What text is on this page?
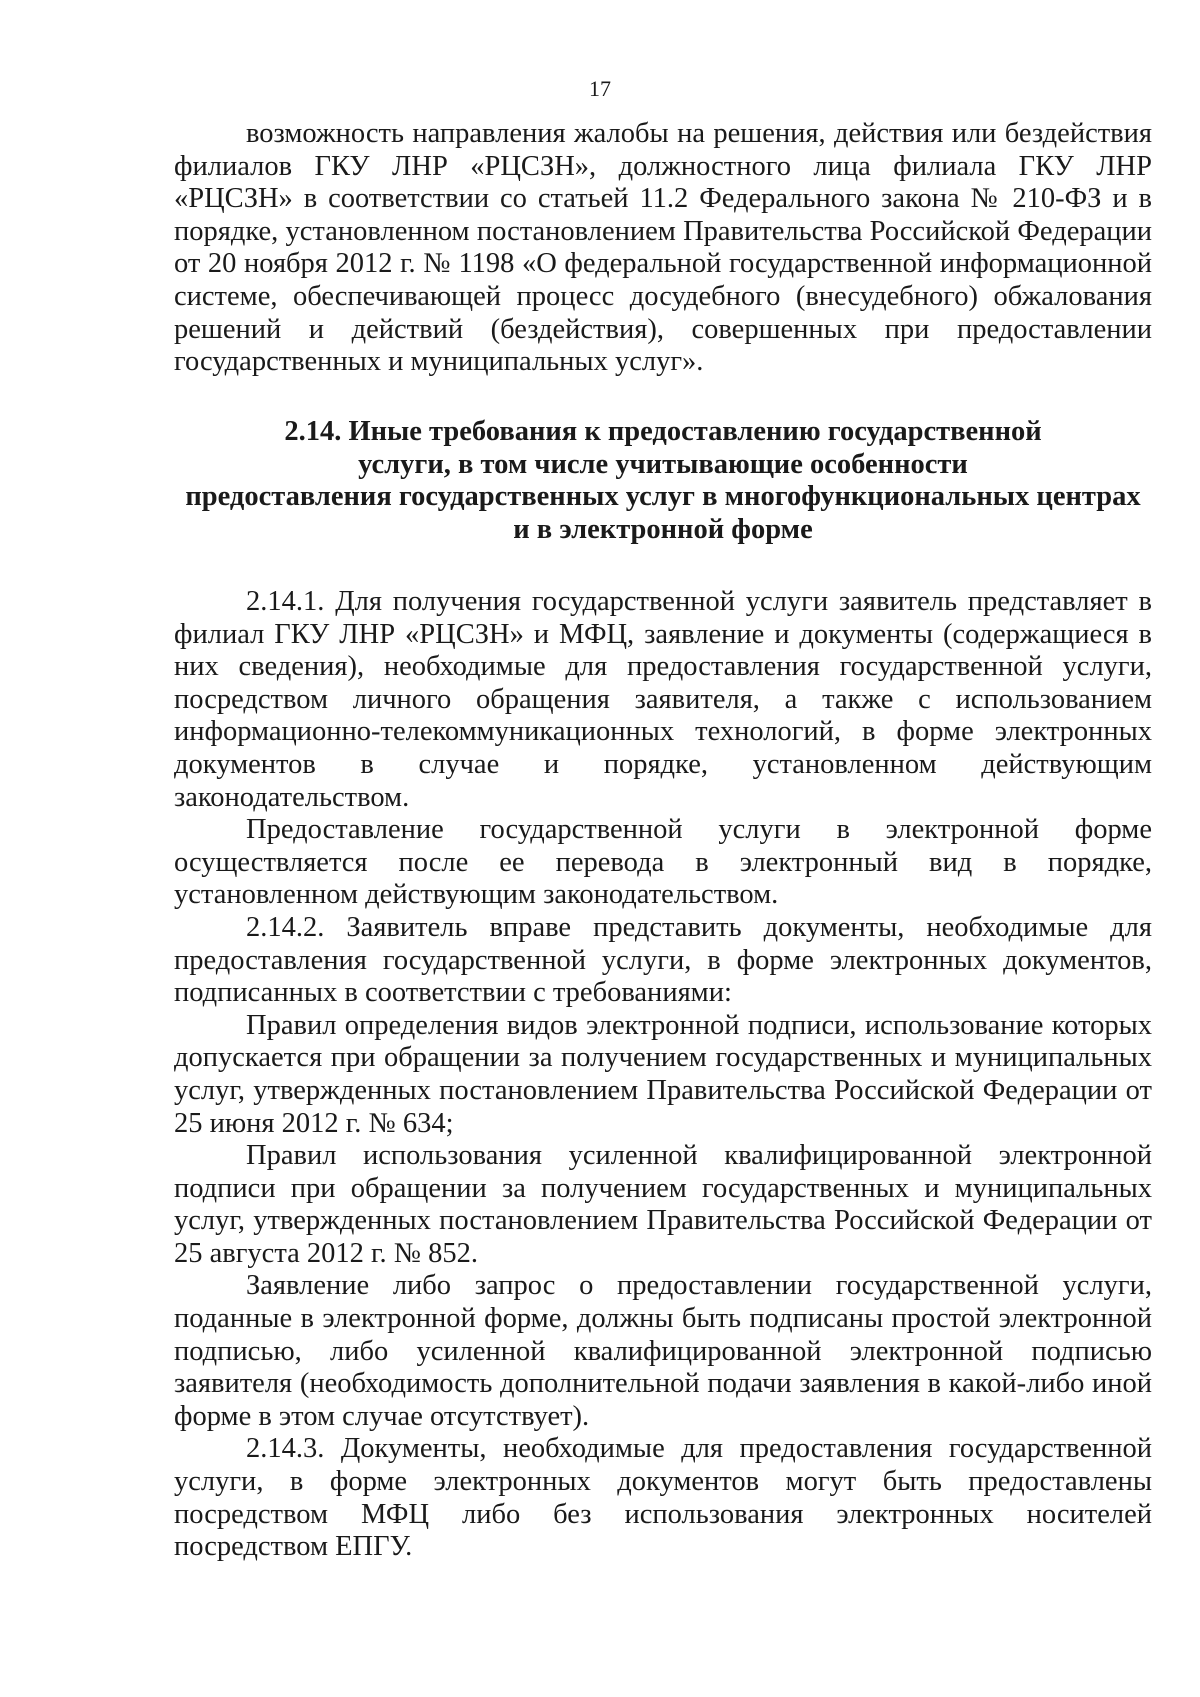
17

возможность направления жалобы на решения, действия или бездействия филиалов ГКУ ЛНР «РЦСЗН», должностного лица филиала ГКУ ЛНР «РЦСЗН» в соответствии со статьей 11.2 Федерального закона № 210-ФЗ и в порядке, установленном постановлением Правительства Российской Федерации от 20 ноября 2012 г. № 1198 «О федеральной государственной информационной системе, обеспечивающей процесс досудебного (внесудебного) обжалования решений и действий (бездействия), совершенных при предоставлении государственных и муниципальных услуг».

2.14. Иные требования к предоставлению государственной
услуги, в том числе учитывающие особенности
предоставления государственных услуг в многофункциональных центрах
и в электронной форме

2.14.1. Для получения государственной услуги заявитель представляет в филиал ГКУ ЛНР «РЦСЗН» и МФЦ, заявление и документы (содержащиеся в них сведения), необходимые для предоставления государственной услуги, посредством личного обращения заявителя, а также с использованием информационно-телекоммуникационных технологий, в форме электронных документов в случае и порядке, установленном действующим законодательством.

Предоставление государственной услуги в электронной форме осуществляется после ее перевода в электронный вид в порядке, установленном действующим законодательством.

2.14.2. Заявитель вправе представить документы, необходимые для предоставления государственной услуги, в форме электронных документов, подписанных в соответствии с требованиями:

Правил определения видов электронной подписи, использование которых допускается при обращении за получением государственных и муниципальных услуг, утвержденных постановлением Правительства Российской Федерации от 25 июня 2012 г. № 634;

Правил использования усиленной квалифицированной электронной подписи при обращении за получением государственных и муниципальных услуг, утвержденных постановлением Правительства Российской Федерации от 25 августа 2012 г. № 852.

Заявление либо запрос о предоставлении государственной услуги, поданные в электронной форме, должны быть подписаны простой электронной подписью, либо усиленной квалифицированной электронной подписью заявителя (необходимость дополнительной подачи заявления в какой-либо иной форме в этом случае отсутствует).

2.14.3. Документы, необходимые для предоставления государственной услуги, в форме электронных документов могут быть предоставлены посредством МФЦ либо без использования электронных носителей посредством ЕПГУ.
